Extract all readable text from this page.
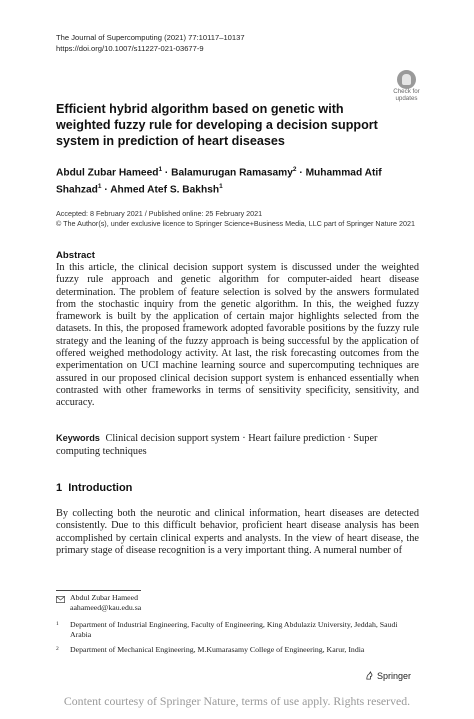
The Journal of Supercomputing (2021) 77:10117–10137
https://doi.org/10.1007/s11227-021-03677-9
Check for
updates
Efficient hybrid algorithm based on genetic with weighted fuzzy rule for developing a decision support system in prediction of heart diseases
Abdul Zubar Hameed$^1$ · Balamurugan Ramasamy$^2$ · Muhammad Atif Shahzad$^1$ · Ahmed Atef S. Bakhsh$^1$
Accepted: 8 February 2021 / Published online: 25 February 2021
© The Author(s), under exclusive licence to Springer Science+Business Media, LLC part of Springer Nature 2021
Abstract
In this article, the clinical decision support system is discussed under the weighted fuzzy rule approach and genetic algorithm for computer-aided heart disease determination. The problem of feature selection is solved by the answers formulated from the stochastic inquiry from the genetic algorithm. In this, the weighed fuzzy framework is built by the application of certain major highlights selected from the datasets. In this, the proposed framework adopted favorable positions by the fuzzy rule strategy and the leaning of the fuzzy approach is being successful by the application of offered weighed methodology activity. At last, the risk forecasting outcomes from the experimentation on UCI machine learning source and supercomputing techniques are assured in our proposed clinical decision support system is enhanced essentially when contrasted with other frameworks in terms of sensitivity specificity, sensitivity, and accuracy.
Keywords Clinical decision support system · Heart failure prediction · Super computing techniques
1 Introduction
By collecting both the neurotic and clinical information, heart diseases are detected consistently. Due to this difficult behavior, proficient heart disease analysis has been accomplished by certain clinical experts and analysts. In the view of heart disease, the primary stage of disease recognition is a very important thing. A numeral number of
Abdul Zubar Hameed
aahameed@kau.edu.sa
1 Department of Industrial Engineering, Faculty of Engineering, King Abdulaziz University, Jeddah, Saudi Arabia
2 Department of Mechanical Engineering, M.Kumarasamy College of Engineering, Karur, India
Springer
Content courtesy of Springer Nature, terms of use apply. Rights reserved.
